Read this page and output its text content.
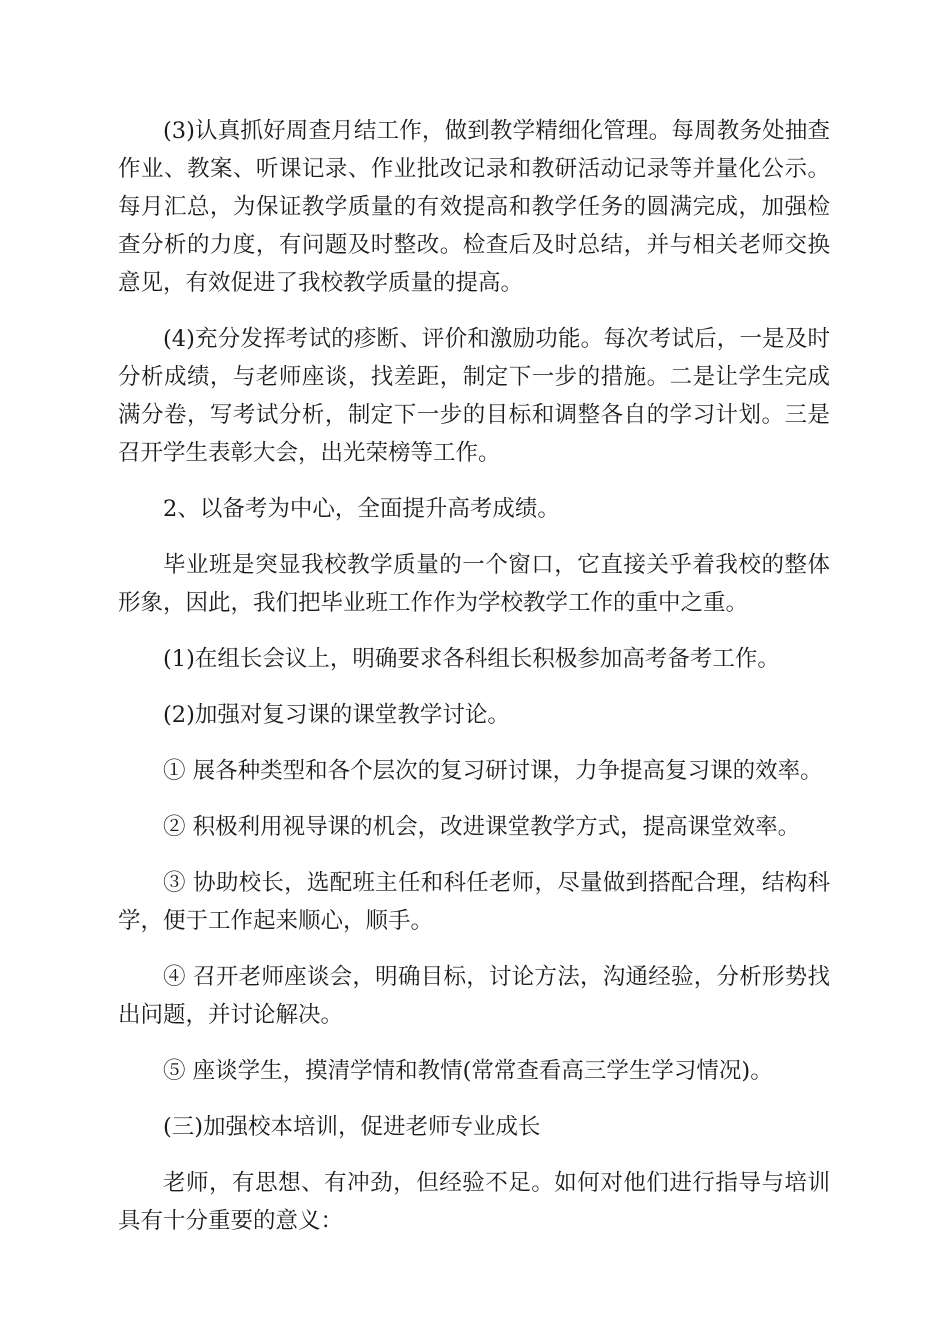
(3)认真抓好周查月结工作，做到教学精细化管理。每周教务处抽查作业、教案、听课记录、作业批改记录和教研活动记录等并量化公示。每月汇总，为保证教学质量的有效提高和教学任务的圆满完成，加强检查分析的力度，有问题及时整改。检查后及时总结，并与相关老师交换意见，有效促进了我校教学质量的提高。

(4)充分发挥考试的疹断、评价和激励功能。每次考试后，一是及时分析成绩，与老师座谈，找差距，制定下一步的措施。二是让学生完成满分卷，写考试分析，制定下一步的目标和调整各自的学习计划。三是召开学生表彰大会，出光荣榜等工作。

2、以备考为中心，全面提升高考成绩。

毕业班是突显我校教学质量的一个窗口，它直接关乎着我校的整体形象，因此，我们把毕业班工作作为学校教学工作的重中之重。

(1)在组长会议上，明确要求各科组长积极参加高考备考工作。

(2)加强对复习课的课堂教学讨论。

① 展各种类型和各个层次的复习研讨课，力争提高复习课的效率。

② 积极利用视导课的机会，改进课堂教学方式，提高课堂效率。

③ 协助校长，选配班主任和科任老师，尽量做到搭配合理，结构科学，便于工作起来顺心，顺手。

④ 召开老师座谈会，明确目标，讨论方法，沟通经验，分析形势找出问题，并讨论解决。

⑤ 座谈学生，摸清学情和教情(常常查看高三学生学习情况)。

(三)加强校本培训，促进老师专业成长

老师，有思想、有冲劲，但经验不足。如何对他们进行指导与培训具有十分重要的意义：
